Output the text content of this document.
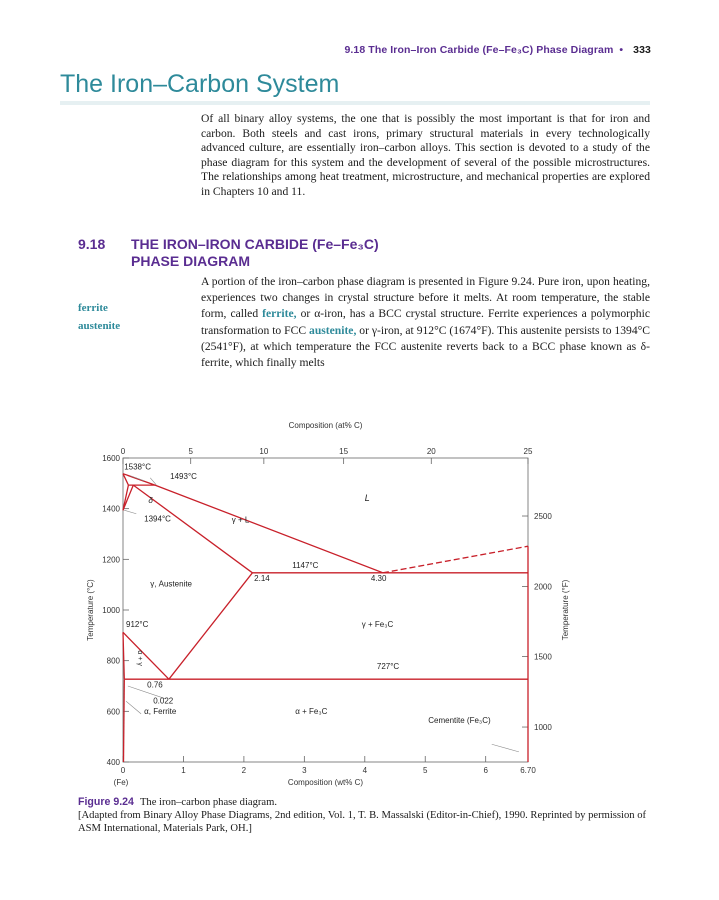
9.18 The Iron–Iron Carbide (Fe–Fe₃C) Phase Diagram • 333
The Iron–Carbon System

Of all binary alloy systems, the one that is possibly the most important is that for iron and carbon. Both steels and cast irons, primary structural materials in every technologically advanced culture, are essentially iron–carbon alloys. This section is devoted to a study of the phase diagram for this system and the development of several of the possible microstructures. The relationships among heat treatment, microstructure, and mechanical properties are explored in Chapters 10 and 11.

9.18 THE IRON–IRON CARBIDE (Fe–Fe₃C)
PHASE DIAGRAM
ferrite
austenite

A portion of the iron–carbon phase diagram is presented in Figure 9.24. Pure iron, upon heating, experiences two changes in crystal structure before it melts. At room temperature, the stable form, called ferrite, or α-iron, has a BCC crystal structure. Ferrite experiences a polymorphic transformation to FCC austenite, or γ-iron, at 912°C (1674°F). This austenite persists to 1394°C (2541°F), at which temperature the FCC austenite reverts back to a BCC phase known as δ-ferrite, which finally melts

0	1	2	3	4	5	6	6.70
(Fe)	Composition (wt% C)
0	5	10	15	20	25
Composition (at% C)
400
600
800
1000
1200
1400
1600
Temperature (°C)
1000
1500
2000
2500
Temperature (°F)
1538°C
1493°C
δ	L
1394°C	γ + L
1147°C
2.14	4.30
γ, Austenite
912°C	γ + Fe₃C
727°C
0.76
0.022
α, Ferrite	α + Fe₃C
Cementite (Fe₃C)
α + γ

Figure 9.24 The iron–carbon phase diagram.
[Adapted from Binary Alloy Phase Diagrams, 2nd edition, Vol. 1, T. B. Massalski (Editor-in-Chief), 1990. Reprinted by permission of ASM International, Materials Park, OH.]
